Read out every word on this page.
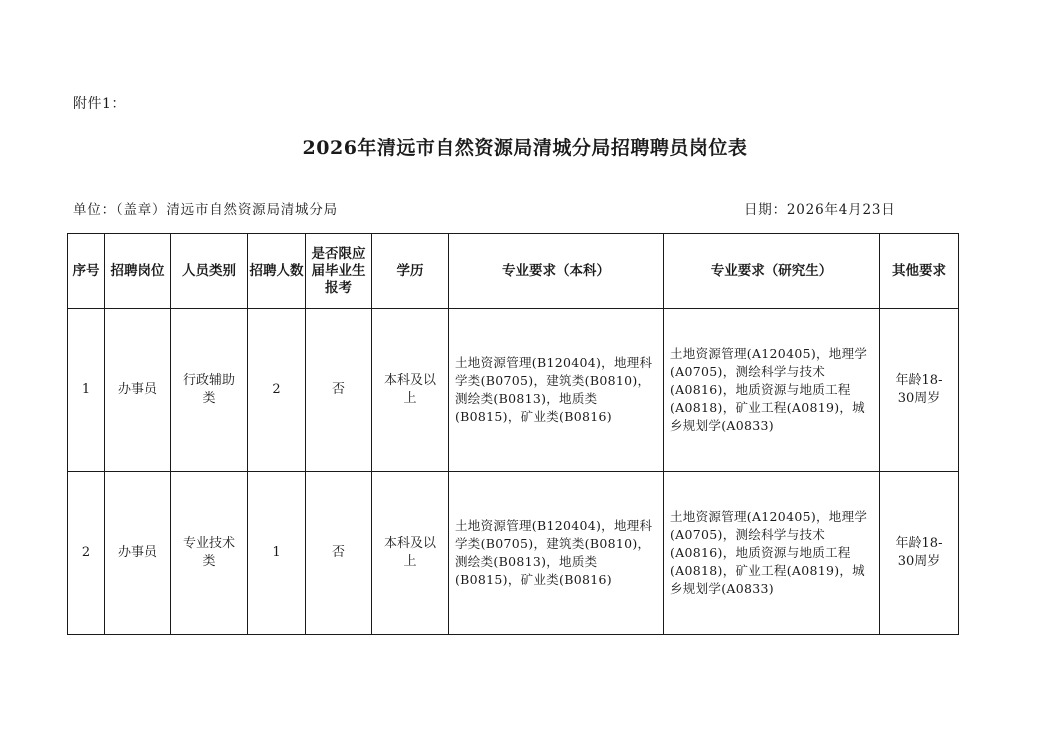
附件1：
2026年清远市自然资源局清城分局招聘聘员岗位表
单位：（盖章）清远市自然资源局清城分局	日期：2026年4月23日
序号	招聘岗位	人员类别	招聘人数	是否限应届毕业生报考	学历	专业要求（本科）	专业要求（研究生）	其他要求
1	办事员	行政辅助类	2	否	本科及以上	土地资源管理(B120404)，地理科学类(B0705)，建筑类(B0810)，测绘类(B0813)，地质类(B0815)，矿业类(B0816)	土地资源管理(A120405)，地理学(A0705)，测绘科学与技术(A0816)，地质资源与地质工程(A0818)，矿业工程(A0819)，城乡规划学(A0833)	年龄18-30周岁
2	办事员	专业技术类	1	否	本科及以上	土地资源管理(B120404)，地理科学类(B0705)，建筑类(B0810)，测绘类(B0813)，地质类(B0815)，矿业类(B0816)	土地资源管理(A120405)，地理学(A0705)，测绘科学与技术(A0816)，地质资源与地质工程(A0818)，矿业工程(A0819)，城乡规划学(A0833)	年龄18-30周岁
